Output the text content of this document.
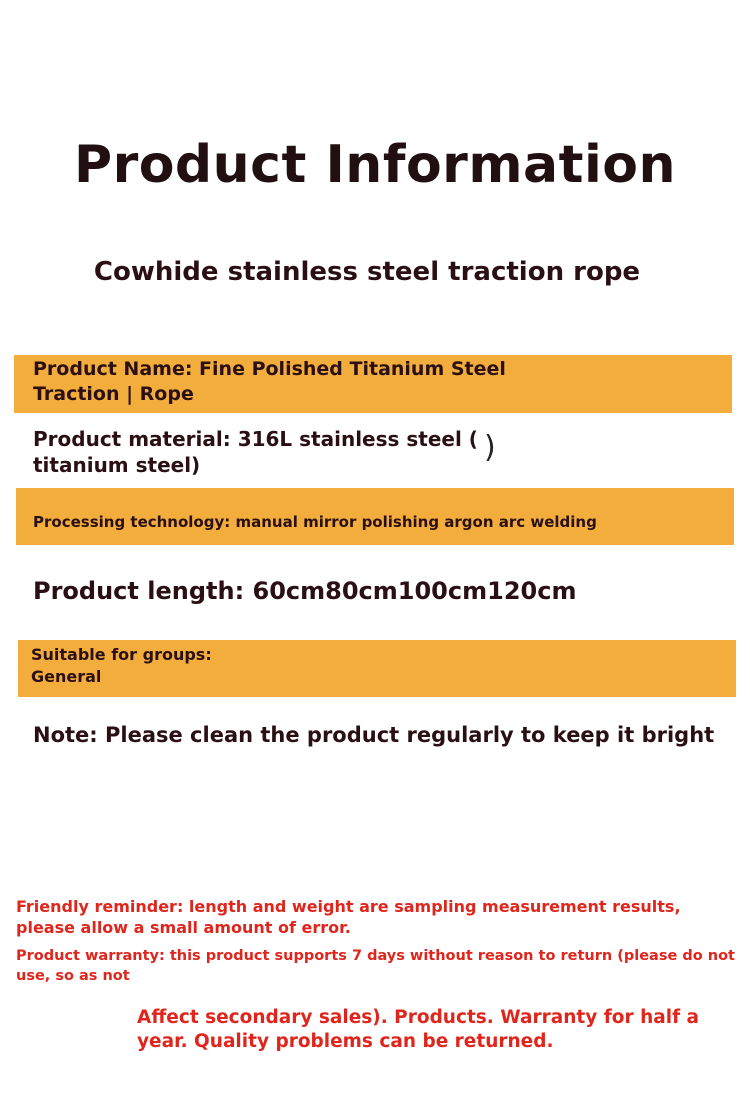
Product Information
Cowhide stainless steel traction rope
Product Name: Fine Polished Titanium Steel Traction | Rope
Product material: 316L stainless steel ( titanium steel)	)
Processing technology: manual mirror polishing argon arc welding
Product length: 60cm80cm100cm120cm
Suitable for groups:
General
Note: Please clean the product regularly to keep it bright
Friendly reminder: length and weight are sampling measurement results, please allow a small amount of error.
Product warranty: this product supports 7 days without reason to return (please do not use, so as not
Affect secondary sales). Products. Warranty for half a year. Quality problems can be returned.
